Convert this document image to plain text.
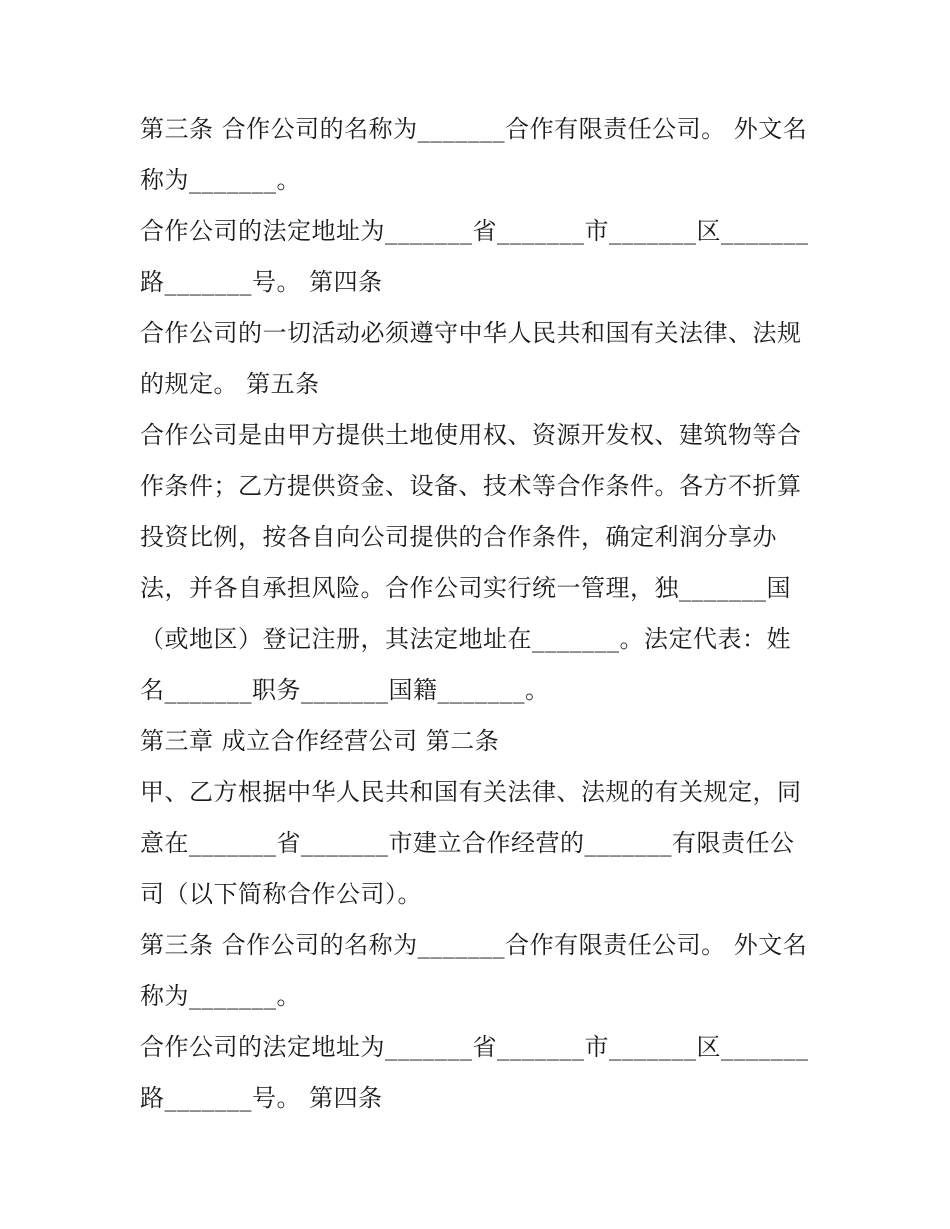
第三条 合作公司的名称为_______合作有限责任公司。 外文名
称为_______。
合作公司的法定地址为_______省_______市_______区_______
路_______号。 第四条
合作公司的一切活动必须遵守中华人民共和国有关法律、法规
的规定。 第五条
合作公司是由甲方提供土地使用权、资源开发权、建筑物等合
作条件；乙方提供资金、设备、技术等合作条件。各方不折算
投资比例，按各自向公司提供的合作条件，确定利润分享办
法，并各自承担风险。合作公司实行统一管理，独_______国
（或地区）登记注册，其法定地址在_______。法定代表：姓
名_______职务_______国籍_______。
第三章 成立合作经营公司 第二条
甲、乙方根据中华人民共和国有关法律、法规的有关规定，同
意在_______省_______市建立合作经营的_______有限责任公
司（以下简称合作公司）。
第三条 合作公司的名称为_______合作有限责任公司。 外文名
称为_______。
合作公司的法定地址为_______省_______市_______区_______
路_______号。 第四条
